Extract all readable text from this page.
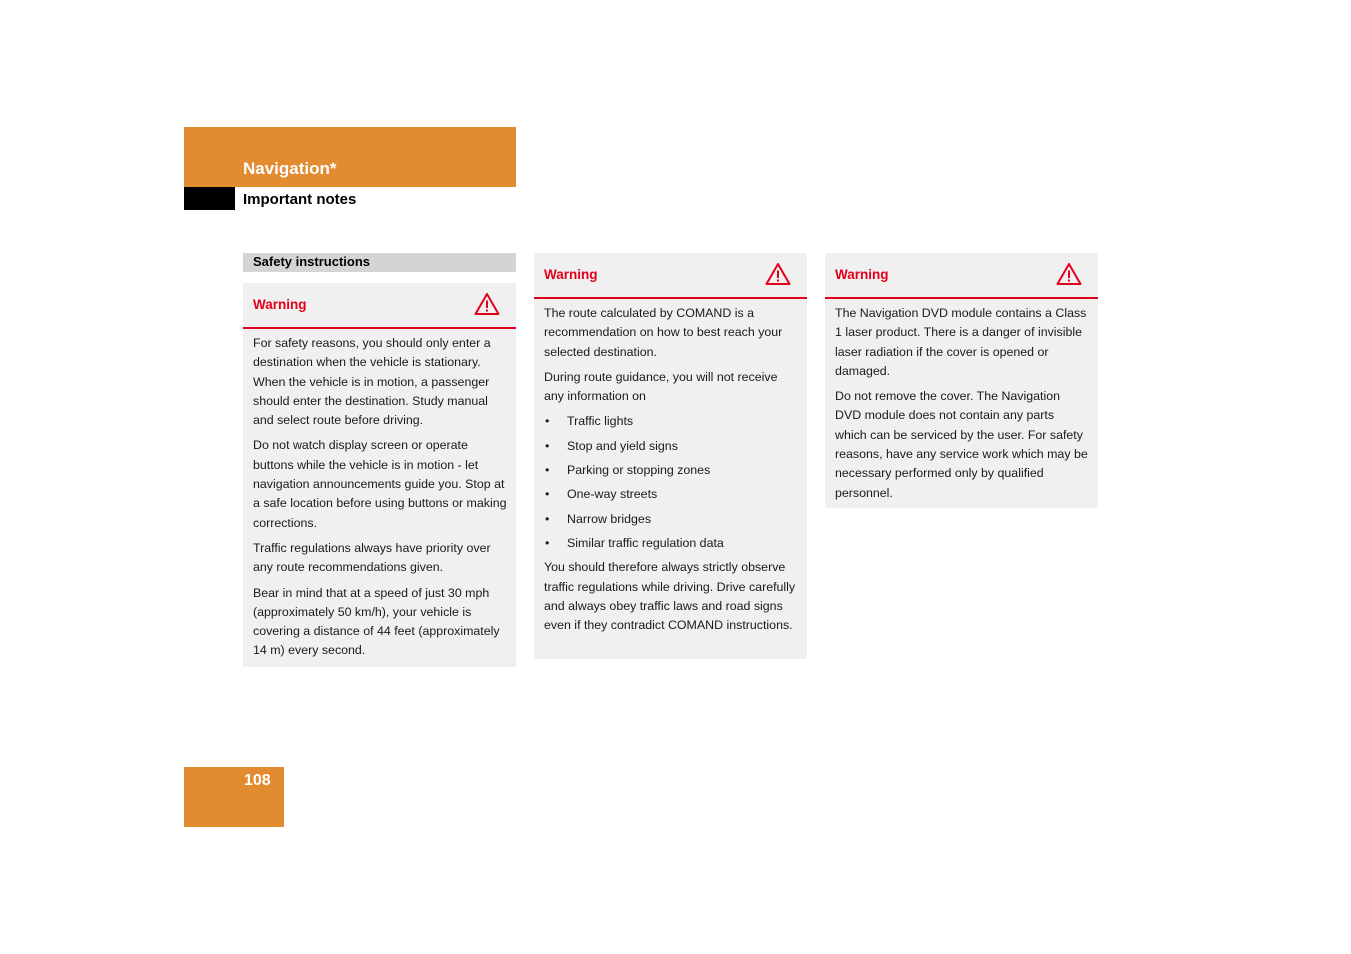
Navigation*
Important notes
Safety instructions
Warning

For safety reasons, you should only enter a destination when the vehicle is stationary. When the vehicle is in motion, a passenger should enter the destination. Study manual and select route before driving.

Do not watch display screen or operate buttons while the vehicle is in motion - let navigation announcements guide you. Stop at a safe location before using buttons or making corrections.

Traffic regulations always have priority over any route recommendations given.

Bear in mind that at a speed of just 30 mph (approximately 50 km/h), your vehicle is covering a distance of 44 feet (approximately 14 m) every second.

Warning

The route calculated by COMAND is a recommendation on how to best reach your selected destination.

During route guidance, you will not receive any information on

• Traffic lights
• Stop and yield signs
• Parking or stopping zones
• One-way streets
• Narrow bridges
• Similar traffic regulation data

You should therefore always strictly observe traffic regulations while driving. Drive carefully and always obey traffic laws and road signs even if they contradict COMAND instructions.

Warning

The Navigation DVD module contains a Class 1 laser product. There is a danger of invisible laser radiation if the cover is opened or damaged.

Do not remove the cover. The Navigation DVD module does not contain any parts which can be serviced by the user. For safety reasons, have any service work which may be necessary performed only by qualified personnel.

108
